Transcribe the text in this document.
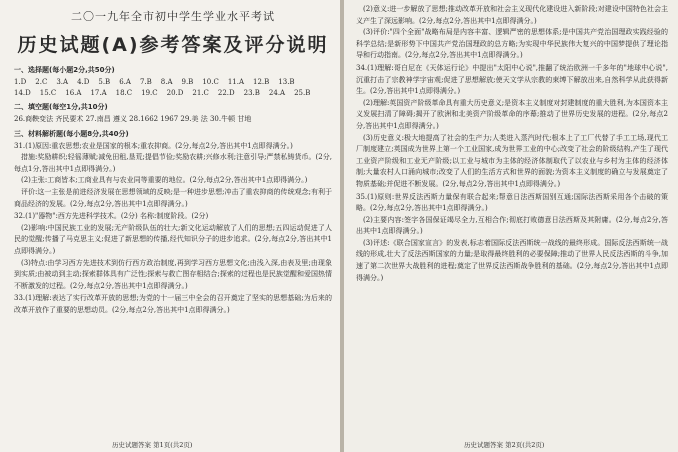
二〇一九年全市初中学生学业水平考试
历史试题(A)参考答案及评分说明
一、选择题(每小题2分,共50分)
1.D 2.C 3.A 4.D 5.B 6.A 7.B 8.A 9.B 10.C 11.A 12.B 13.B
14.D 15.C 16.A 17.A 18.C 19.C 20.D 21.C 22.D 23.B 24.A 25.B
二、填空题(每空1分,共10分)

26.商鞅变法 齐民要术 27.南昌 遵义 28.1662 1967 29.美 法 30.牛顿 甘地

三、材料解析题(每小题8分,共40分)

31.(1)原因:重农思想;农业是国家的根本;重农抑商。(2分,每点2分,答出其中1点即得满分。)

措施:奖励耕织;轻徭薄赋;减免田租,垦荒;提倡节俭;奖励农耕;兴修水利;注意引导;严禁私铸货币。(2分,每点1分,答出其中1点即得满分。)

(2)主张:工商皆本;工商业具有与农业同等重要的地位。(2分,每点2分,答出其中1点即得满分。)

评价:这一主张是前进经济发展在思想领域的反映;是一种进步思想;冲击了重农抑商的传统观念;有利于商品经济的发展。(2分,每点2分,答出其中1点即得满分。)

32.(1)"器物":西方先进科学技术。(2分) 名称:制度阶段。(2分)

(2)影响:中国民族工业的发展;无产阶级队伍的壮大;新文化运动解放了人们的思想;五四运动促进了人民的觉醒;传播了马克思主义;促进了新思想的传播,经代知识分子的进步追求。(2分,每点2分,答出其中1点即得满分。)

(3)特点:由学习西方先进技术到仿行西方政治制度,再到学习西方思想文化;由浅入深,由表及里;由现象到实质;由被动到主动;探索群体具有广泛性;探索与救亡图存相结合;探索的过程也是民族觉醒和爱国热情不断激发的过程。(2分,每点2分,答出其中1点即得满分。)

33.(1)理解:表达了实行改革开放的思想;为党的十一届三中全会的召开奠定了坚实的思想基础;为后来的改革开放作了重要的思想动员。(2分,每点2分,答出其中1点即得满分。)

历史试题答案 第1页(共2页)

(2)意义:进一步解放了思想;推动改革开放和社会主义现代化建设进入新阶段;对建设中国特色社会主义产生了深远影响。(2分,每点2分,答出其中1点即得满分。)

(3)评价:"四个全面"战略布局是内容丰富、逻辑严密的思想体系;是中国共产党治国理政实践经验的科学总结;是新形势下中国共产党治国理政的总方略;为实现中华民族伟大复兴的中国梦提供了理论指导和行动指南。(2分,每点2分,答出其中1点即得满分。)

34.(1)理解:哥白尼在《天体运行论》中提出"太阳中心说",推翻了统治欧洲一千多年的"地球中心说",沉重打击了宗教神学宇宙观;促进了思想解放;使天文学从宗教的束缚下解放出来,自然科学从此获得新生。(2分,答出其中1点即得满分。)

(2)理解:英国资产阶级革命具有重大历史意义;是资本主义制度对封建制度的重大胜利,为本国资本主义发展扫清了障碍;揭开了欧洲和北美资产阶级革命的序幕;推动了世界历史发展的进程。(2分,每点2分,答出其中1点即得满分。)

(3)历史意义:极大地提高了社会的生产力;人类进入蒸汽时代;根本上了工厂代替了手工工场,现代工厂制度建立;英国成为世界上第一个工业国家,成为世界工业的中心;改变了社会的阶级结构,产生了现代工业资产阶级和工业无产阶级;以工业与城市为主体的经济体制取代了以农业与乡村为主体的经济体制;大量农村人口涌向城市;改变了人们的生活方式和世界的面貌;为资本主义制度的确立与发展奠定了物质基础;并促进不断发展。(2分,每点2分,答出其中1点即得满分。)

35.(1)原则:世界反法西斯力量保有联合起来;帮意日法西斯国别互通;国际法西斯采用各个击破的策略。(2分,每点2分,答出其中1点即得满分。)

(2)主要内容:签字各国保证竭尽全力,互相合作;彻底打败德意日法西斯及其附庸。(2分,每点2分,答出其中1点即得满分。)

(3)评述:《联合国家宣言》的发表,标志着国际反法西斯统一战线的最终形成。国际反法西斯统一战线的形成,壮大了反法西斯国家的力量;是取得最终胜利的必要保障;推动了世界人民反法西斯的斗争,加速了第二次世界大战胜利的进程;奠定了世界反法西斯战争胜利的基础。(2分,每点2分,答出其中1点即得满分。)

历史试题答案 第2页(共2页)
